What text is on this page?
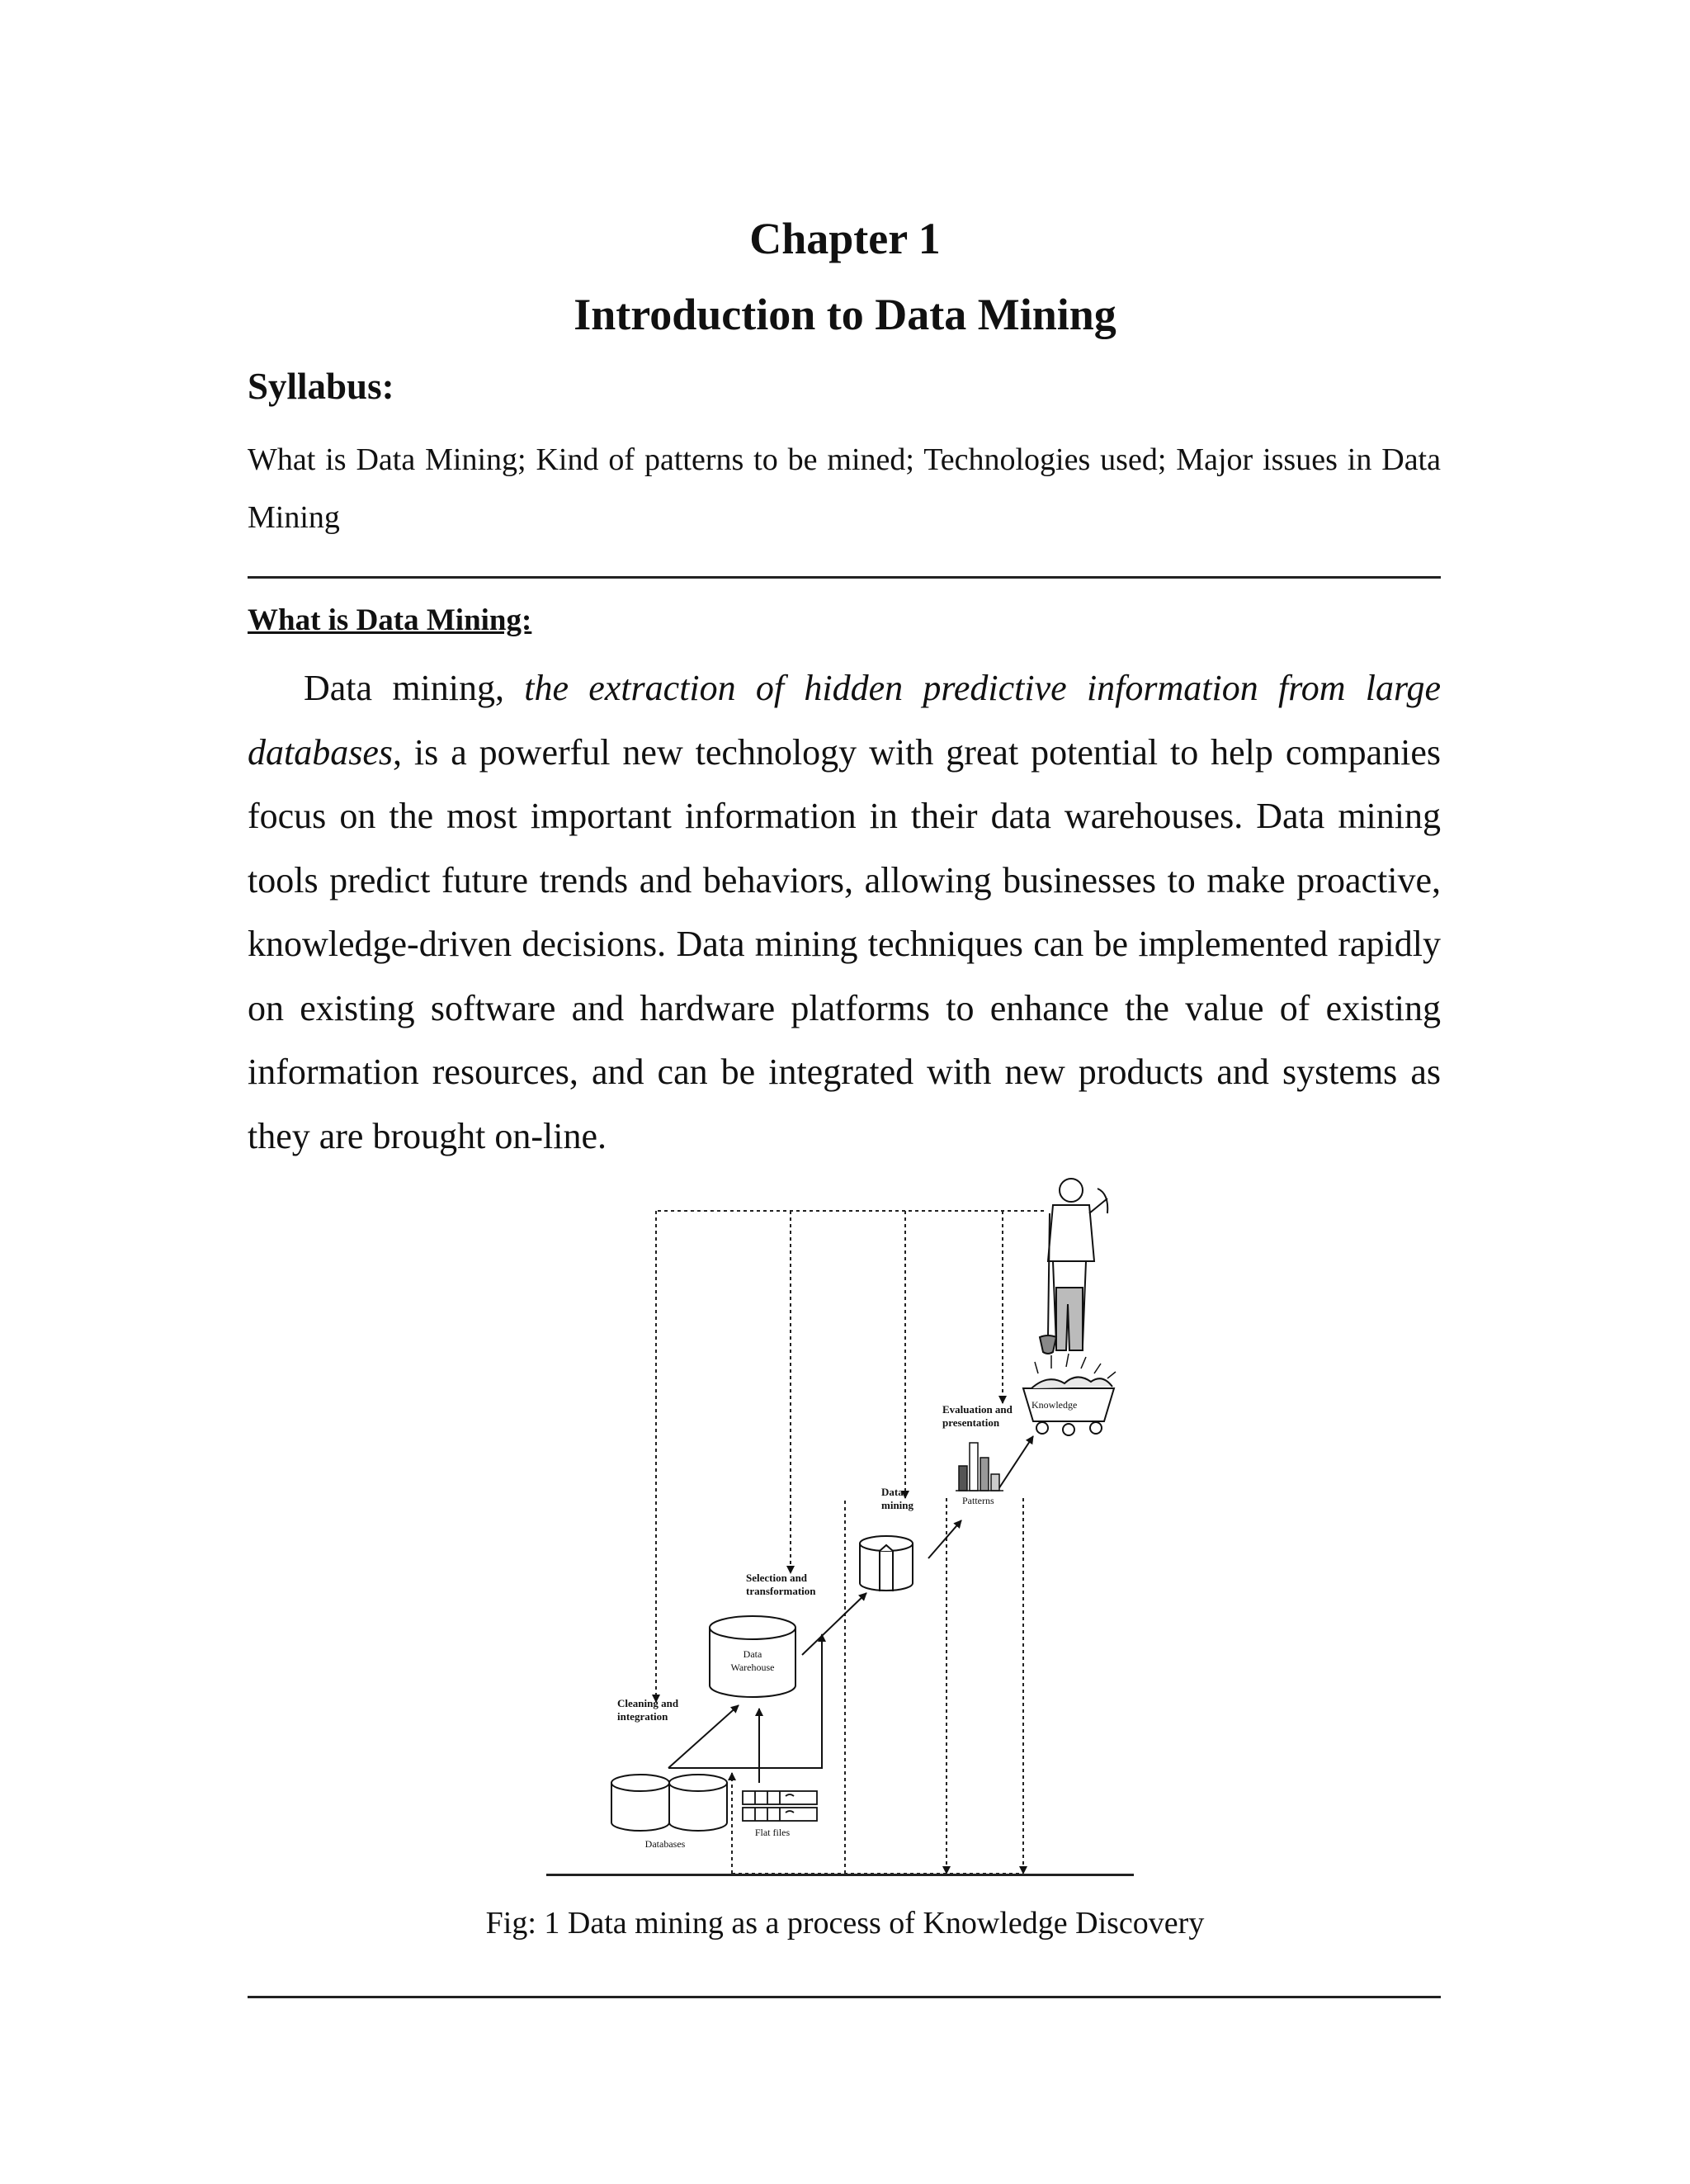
Chapter 1
Introduction to Data Mining
Syllabus:
What is Data Mining; Kind of patterns to be mined; Technologies used; Major issues in Data Mining
What is Data Mining:
Data mining, the extraction of hidden predictive information from large databases, is a powerful new technology with great potential to help companies focus on the most important information in their data warehouses. Data mining tools predict future trends and behaviors, allowing businesses to make proactive, knowledge-driven decisions. Data mining techniques can be implemented rapidly on existing software and hardware platforms to enhance the value of existing information resources, and can be integrated with new products and systems as they are brought on-line.
Cleaning and
integration
Selection and
transformation
Data
mining
Evaluation and
presentation
Knowledge
Patterns
Data
Warehouse
Databases
Flat files
Fig: 1 Data mining as a process of Knowledge Discovery
